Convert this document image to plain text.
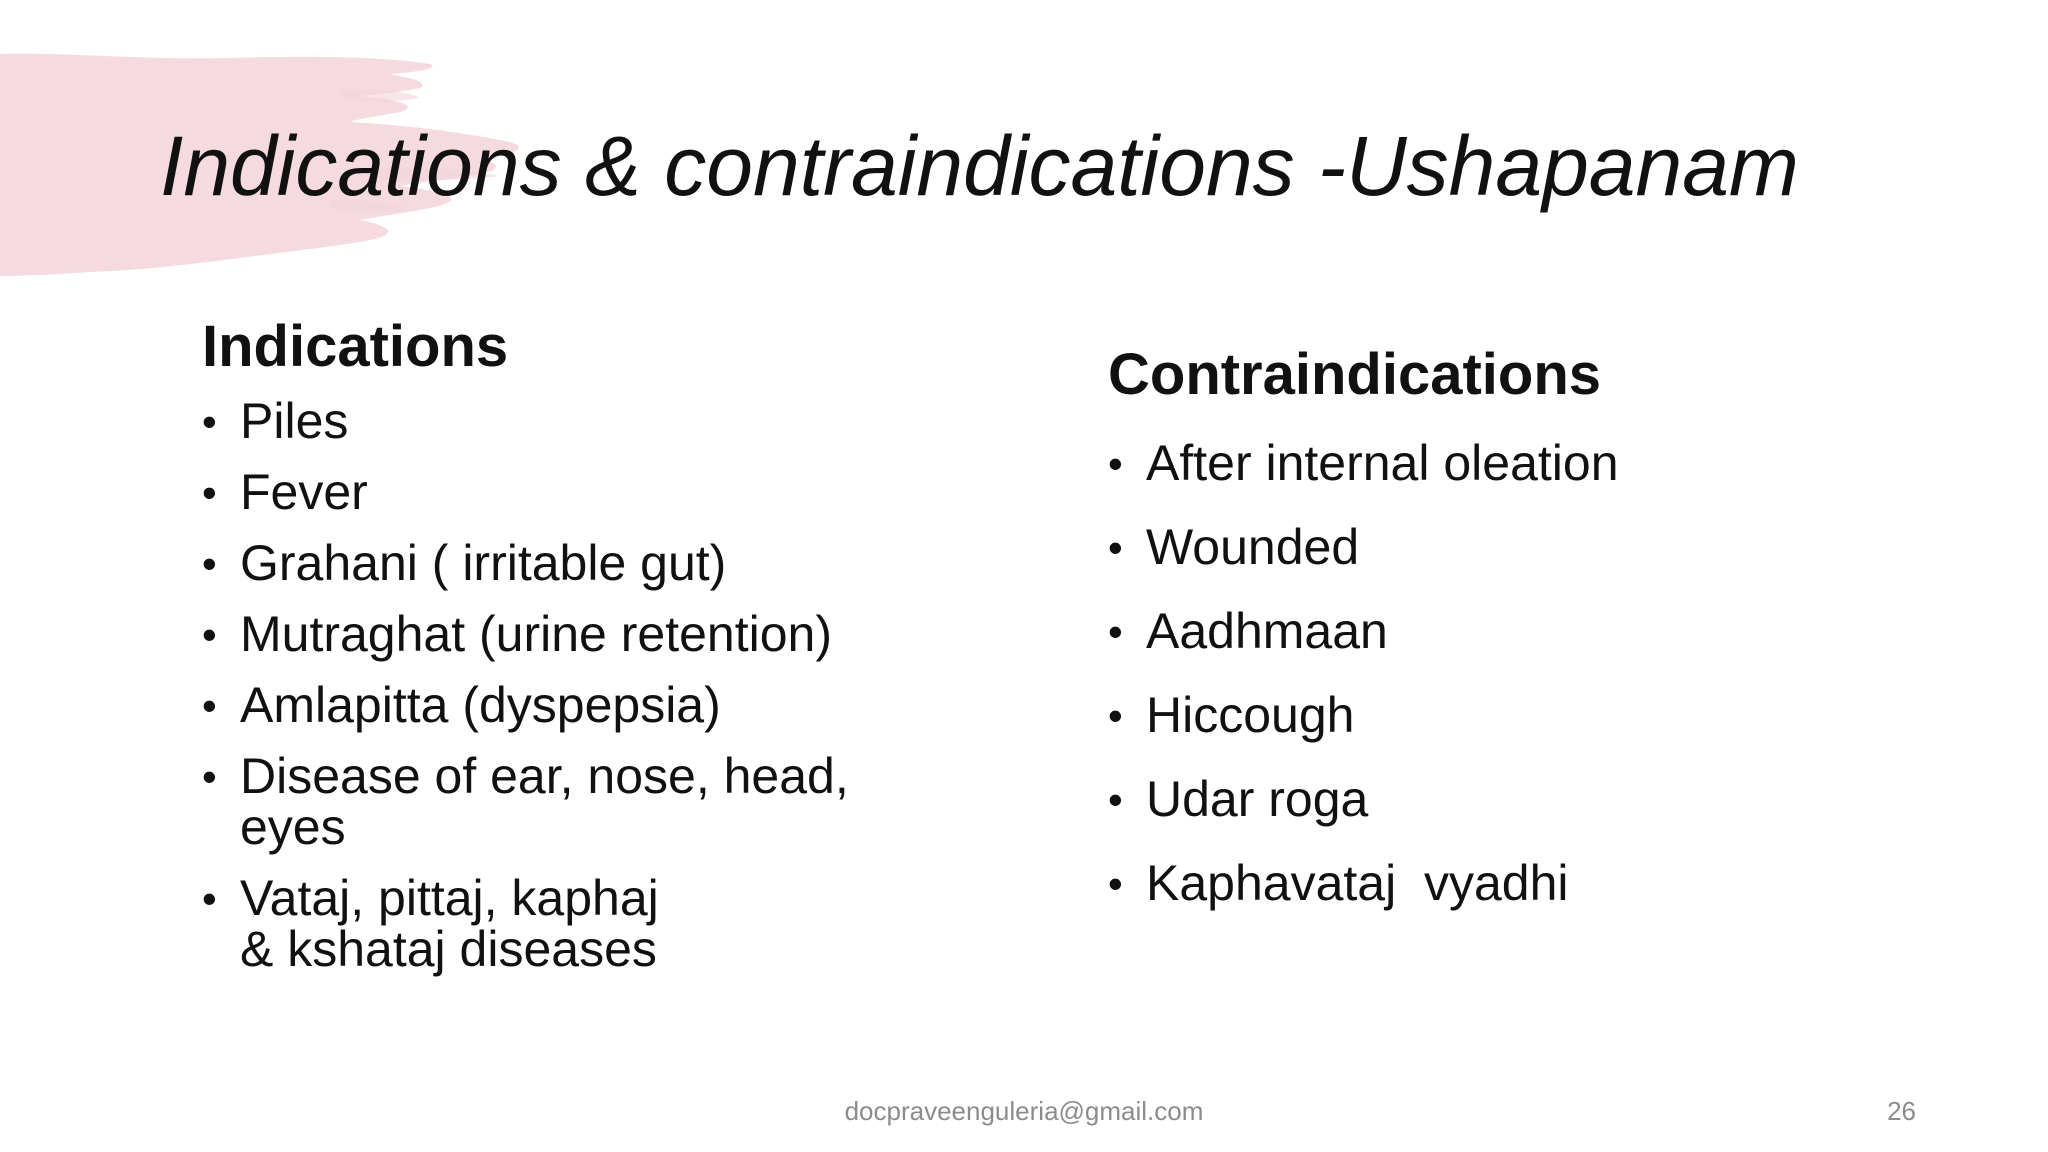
Indications & contraindications -Ushapanam
Indications
• Piles
• Fever
• Grahani ( irritable gut)
• Mutraghat (urine retention)
• Amlapitta (dyspepsia)
• Disease of ear, nose, head, eyes
• Vataj, pittaj, kaphaj & kshataj diseases
Contraindications
• After internal oleation
• Wounded
• Aadhmaan
• Hiccough
• Udar roga
• Kaphavataj  vyadhi
docpraveenguleria@gmail.com	26
